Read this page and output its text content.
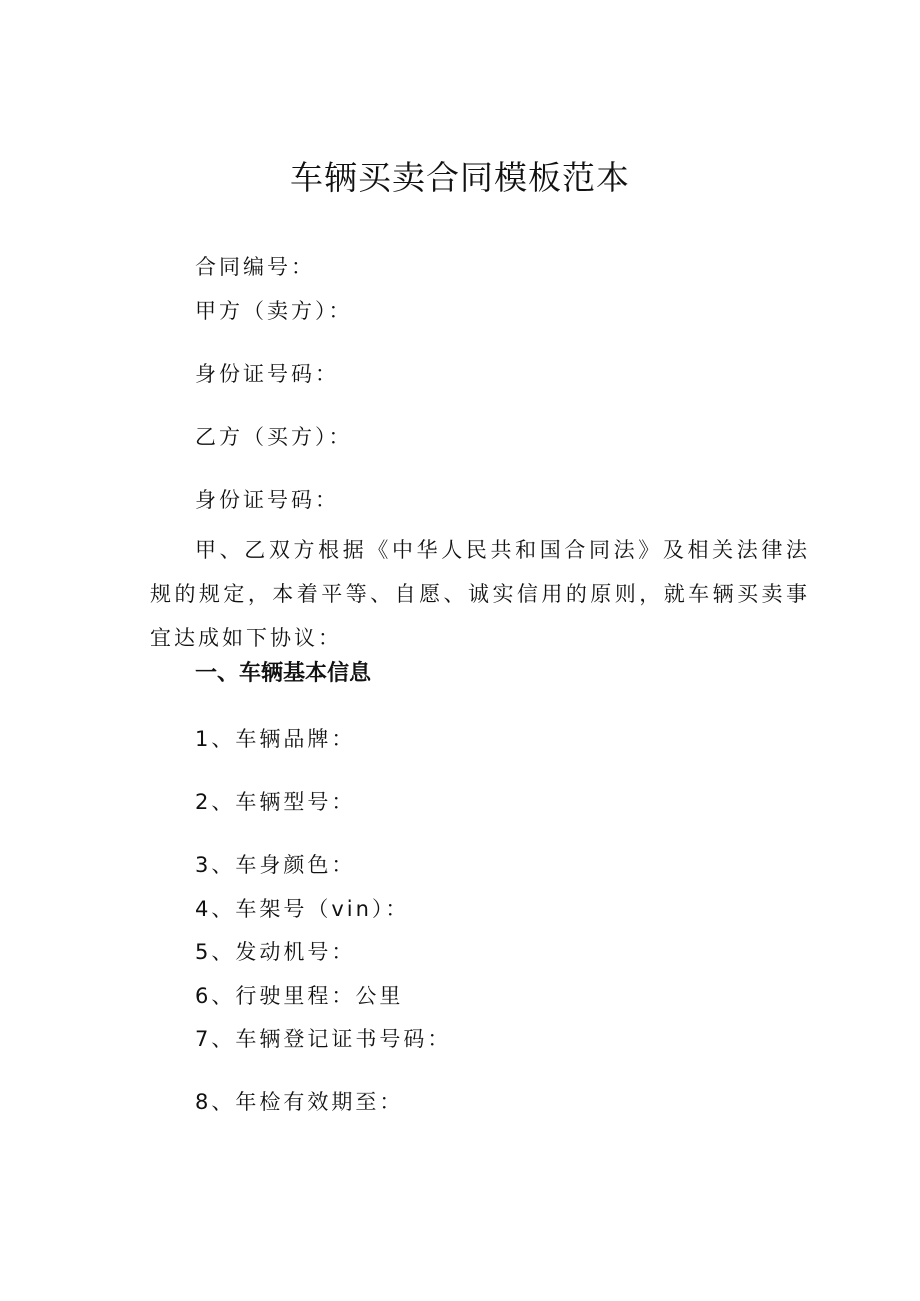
车辆买卖合同模板范本
合同编号：
甲方（卖方）：
身份证号码：
乙方（买方）：
身份证号码：
甲、乙双方根据《中华人民共和国合同法》及相关法律法规的规定，本着平等、自愿、诚实信用的原则，就车辆买卖事宜达成如下协议：
一、车辆基本信息
1、车辆品牌：
2、车辆型号：
3、车身颜色：
4、车架号（vin）：
5、发动机号：
6、行驶里程：公里
7、车辆登记证书号码：
8、年检有效期至：
